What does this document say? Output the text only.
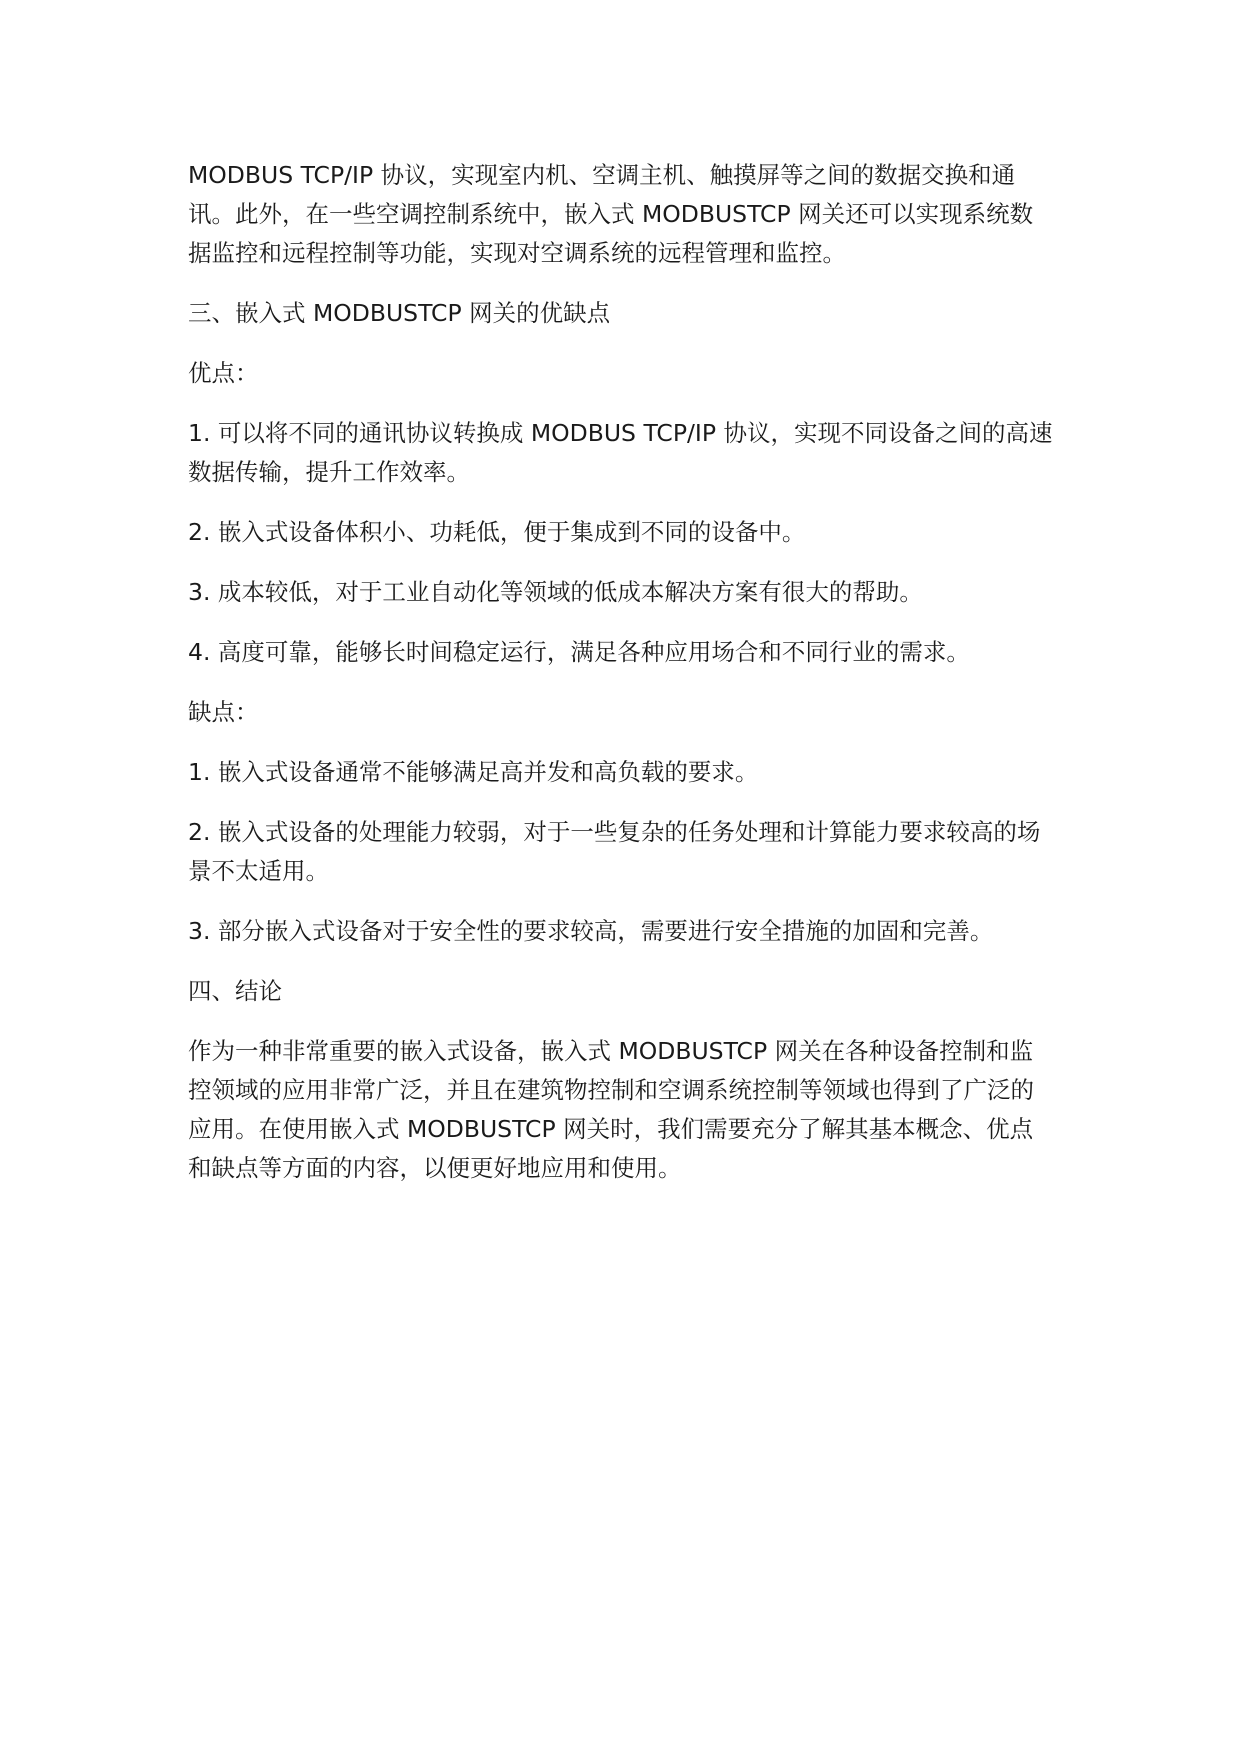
MODBUS TCP/IP 协议，实现室内机、空调主机、触摸屏等之间的数据交换和通讯。此外，在一些空调控制系统中，嵌入式 MODBUSTCP 网关还可以实现系统数据监控和远程控制等功能，实现对空调系统的远程管理和监控。

三、嵌入式 MODBUSTCP 网关的优缺点

优点：

1. 可以将不同的通讯协议转换成 MODBUS TCP/IP 协议，实现不同设备之间的高速数据传输，提升工作效率。

2. 嵌入式设备体积小、功耗低，便于集成到不同的设备中。

3. 成本较低，对于工业自动化等领域的低成本解决方案有很大的帮助。

4. 高度可靠，能够长时间稳定运行，满足各种应用场合和不同行业的需求。

缺点：

1. 嵌入式设备通常不能够满足高并发和高负载的要求。

2. 嵌入式设备的处理能力较弱，对于一些复杂的任务处理和计算能力要求较高的场景不太适用。

3. 部分嵌入式设备对于安全性的要求较高，需要进行安全措施的加固和完善。

四、结论

作为一种非常重要的嵌入式设备，嵌入式 MODBUSTCP 网关在各种设备控制和监控领域的应用非常广泛，并且在建筑物控制和空调系统控制等领域也得到了广泛的应用。在使用嵌入式 MODBUSTCP 网关时，我们需要充分了解其基本概念、优点和缺点等方面的内容，以便更好地应用和使用。
